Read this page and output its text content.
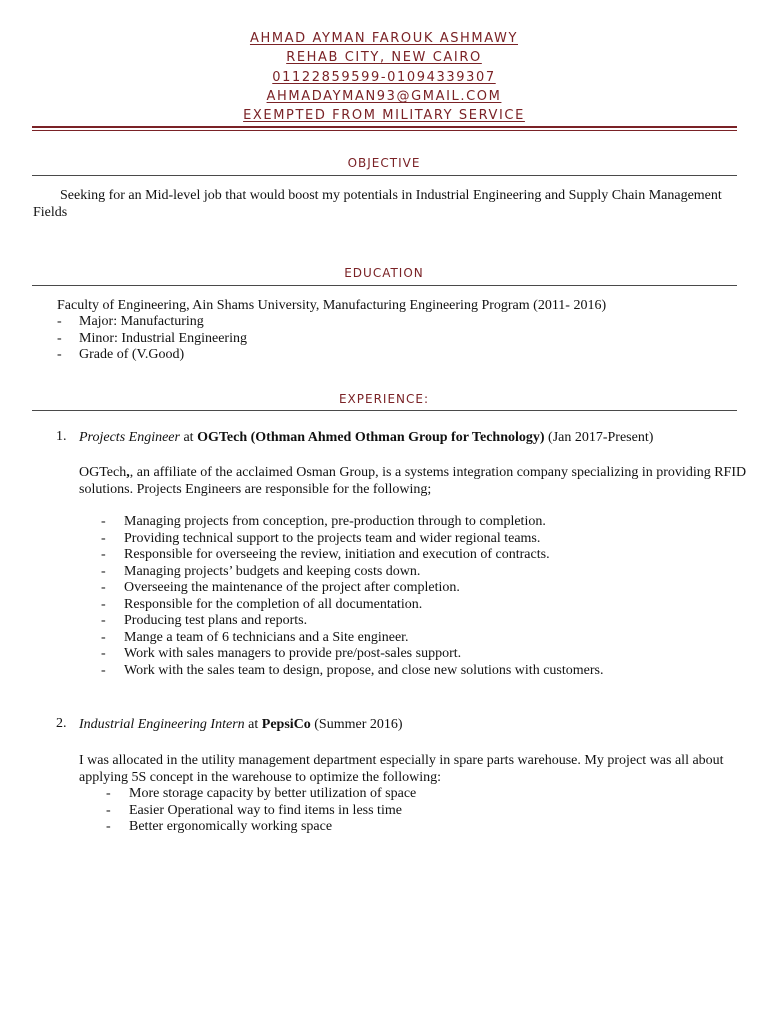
AHMAD AYMAN FAROUK ASHMAWY
REHAB CITY, NEW CAIRO
01122859599-01094339307
AHMADAYMAN93@GMAIL.COM
EXEMPTED FROM MILITARY SERVICE
OBJECTIVE
Seeking for an Mid-level job that would boost my potentials in Industrial Engineering and Supply Chain Management Fields
EDUCATION
Faculty of Engineering, Ain Shams University, Manufacturing Engineering Program (2011- 2016)
- Major: Manufacturing
- Minor: Industrial Engineering
- Grade of (V.Good)
EXPERIENCE:
1. Projects Engineer at OGTech (Othman Ahmed Othman Group for Technology) (Jan 2017-Present)
OGTech,, an affiliate of the acclaimed Osman Group, is a systems integration company specializing in providing RFID solutions. Projects Engineers are responsible for the following;
- Managing projects from conception, pre-production through to completion.
- Providing technical support to the projects team and wider regional teams.
- Responsible for overseeing the review, initiation and execution of contracts.
- Managing projects’ budgets and keeping costs down.
- Overseeing the maintenance of the project after completion.
- Responsible for the completion of all documentation.
- Producing test plans and reports.
- Mange a team of 6 technicians and a Site engineer.
- Work with sales managers to provide pre/post-sales support.
- Work with the sales team to design, propose, and close new solutions with customers.
2. Industrial Engineering Intern at PepsiCo (Summer 2016)
I was allocated in the utility management department especially in spare parts warehouse. My project was all about applying 5S concept in the warehouse to optimize the following:
- More storage capacity by better utilization of space
- Easier Operational way to find items in less time
- Better ergonomically working space
